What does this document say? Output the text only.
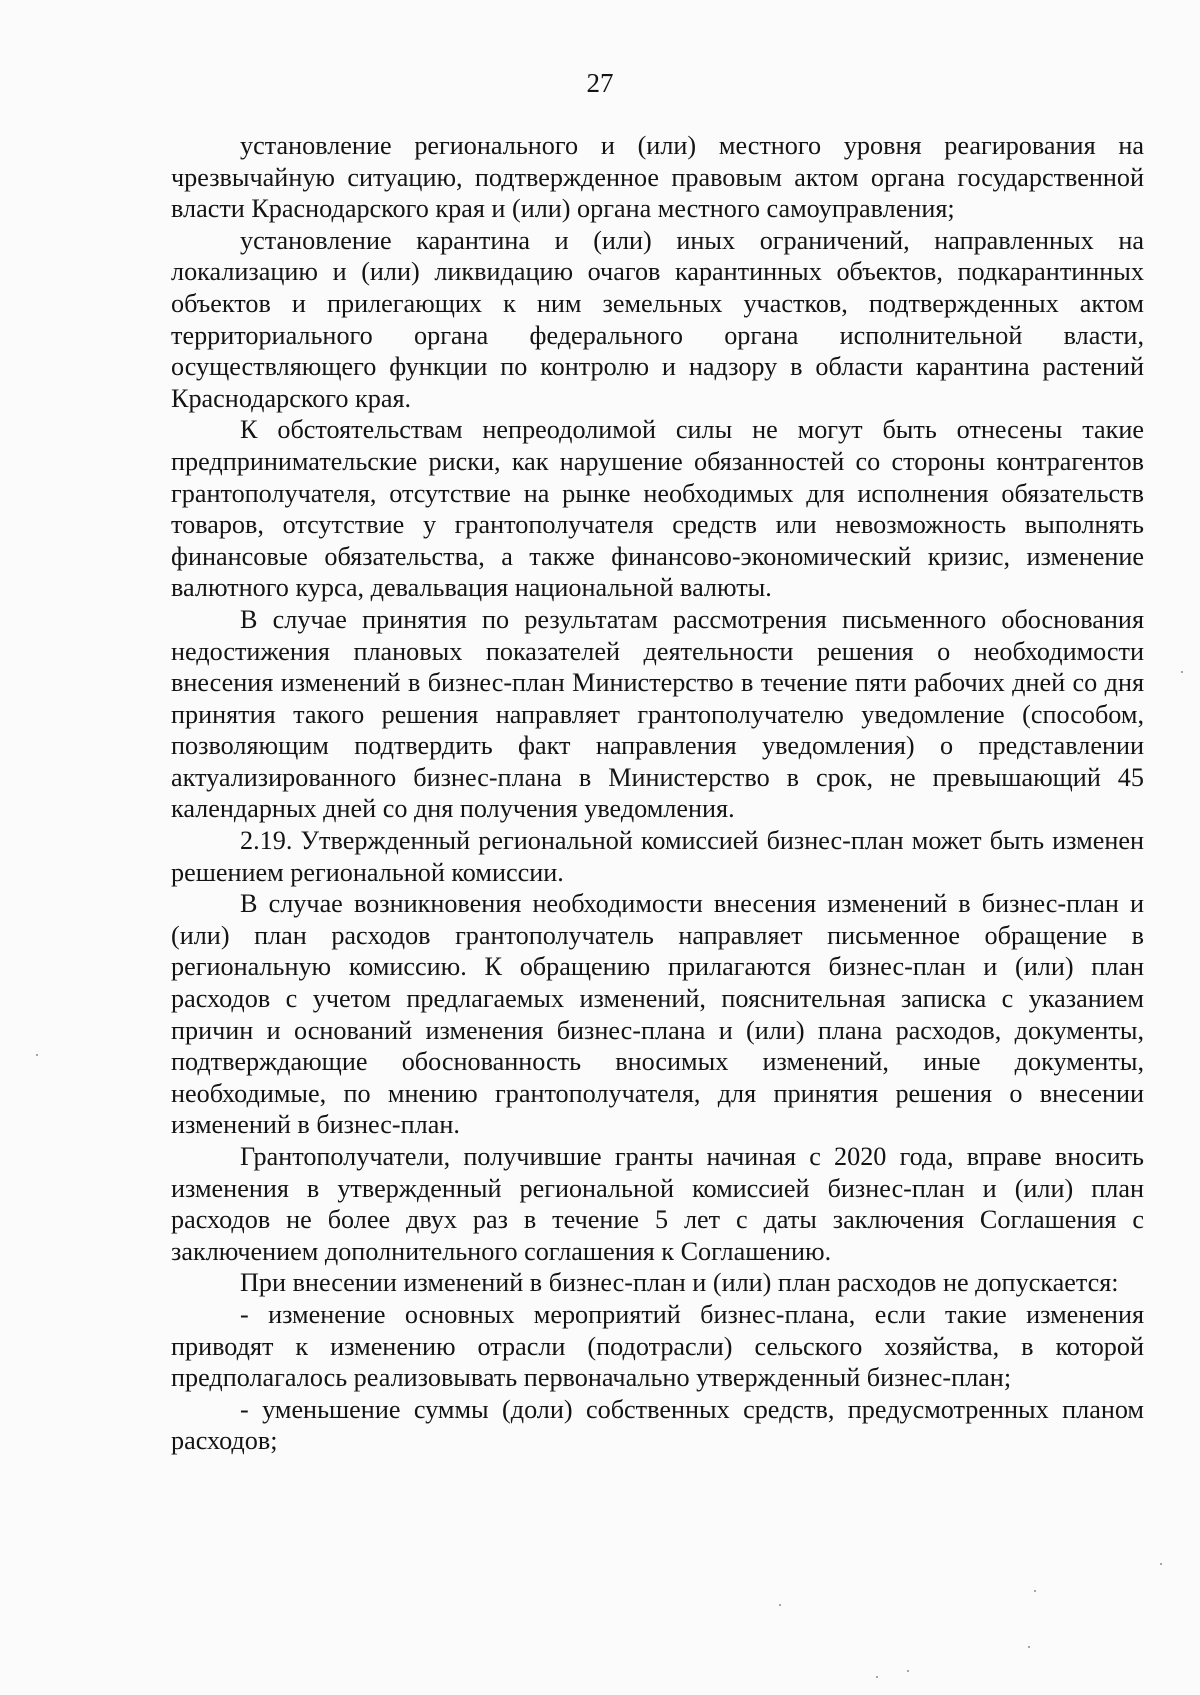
27

установление регионального и (или) местного уровня реагирования на чрезвычайную ситуацию, подтвержденное правовым актом органа государственной власти Краснодарского края и (или) органа местного самоуправления;

установление карантина и (или) иных ограничений, направленных на локализацию и (или) ликвидацию очагов карантинных объектов, подкарантинных объектов и прилегающих к ним земельных участков, подтвержденных актом территориального органа федерального органа исполнительной власти, осуществляющего функции по контролю и надзору в области карантина растений Краснодарского края.

К обстоятельствам непреодолимой силы не могут быть отнесены такие предпринимательские риски, как нарушение обязанностей со стороны контрагентов грантополучателя, отсутствие на рынке необходимых для исполнения обязательств товаров, отсутствие у грантополучателя средств или невозможность выполнять финансовые обязательства, а также финансово-экономический кризис, изменение валютного курса, девальвация национальной валюты.

В случае принятия по результатам рассмотрения письменного обоснования недостижения плановых показателей деятельности решения о необходимости внесения изменений в бизнес-план Министерство в течение пяти рабочих дней со дня принятия такого решения направляет грантополучателю уведомление (способом, позволяющим подтвердить факт направления уведомления) о представлении актуализированного бизнес-плана в Министерство в срок, не превышающий 45 календарных дней со дня получения уведомления.

2.19. Утвержденный региональной комиссией бизнес-план может быть изменен решением региональной комиссии.

В случае возникновения необходимости внесения изменений в бизнес-план и (или) план расходов грантополучатель направляет письменное обращение в региональную комиссию. К обращению прилагаются бизнес-план и (или) план расходов с учетом предлагаемых изменений, пояснительная записка с указанием причин и оснований изменения бизнес-плана и (или) плана расходов, документы, подтверждающие обоснованность вносимых изменений, иные документы, необходимые, по мнению грантополучателя, для принятия решения о внесении изменений в бизнес-план.

Грантополучатели, получившие гранты начиная с 2020 года, вправе вносить изменения в утвержденный региональной комиссией бизнес-план и (или) план расходов не более двух раз в течение 5 лет с даты заключения Соглашения с заключением дополнительного соглашения к Соглашению.

При внесении изменений в бизнес-план и (или) план расходов не допускается:

- изменение основных мероприятий бизнес-плана, если такие изменения приводят к изменению отрасли (подотрасли) сельского хозяйства, в которой предполагалось реализовывать первоначально утвержденный бизнес-план;

- уменьшение суммы (доли) собственных средств, предусмотренных планом расходов;
